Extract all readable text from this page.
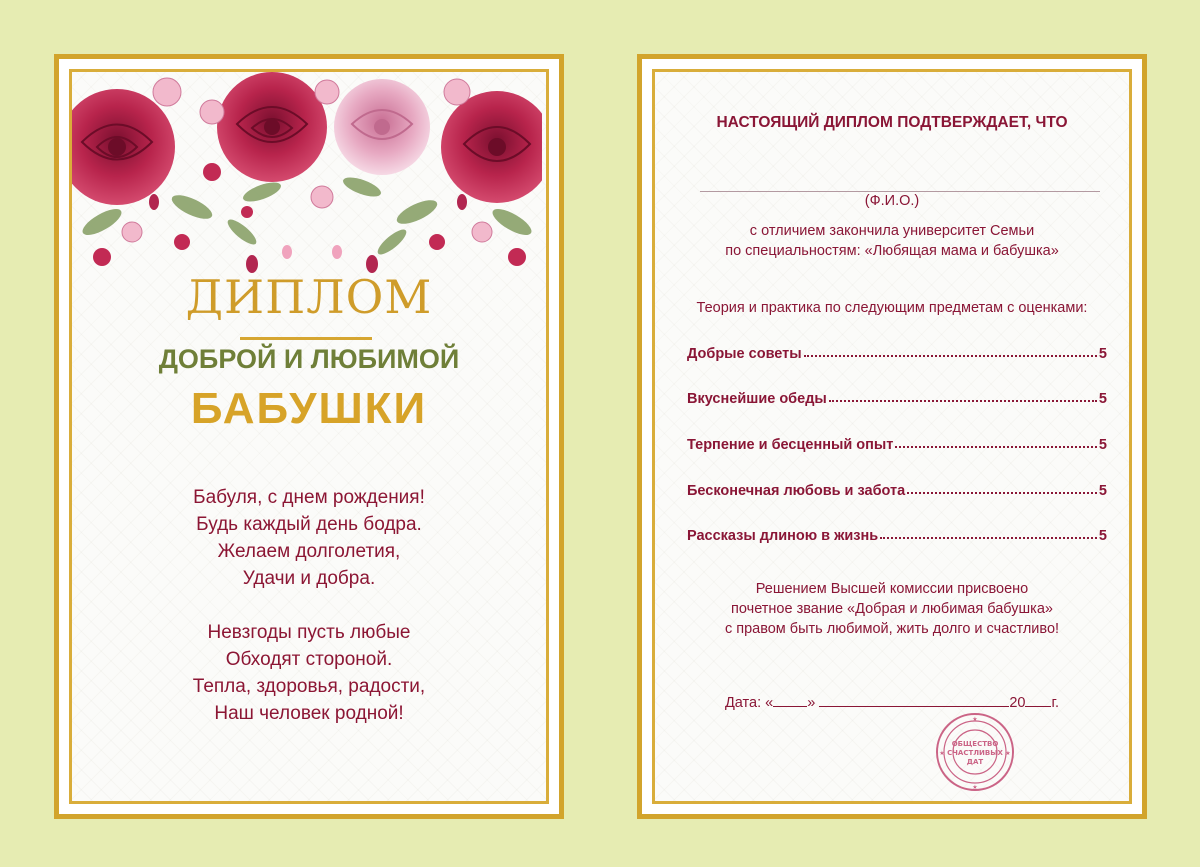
ДИПЛОМ
ДОБРОЙ И ЛЮБИМОЙ
БАБУШКИ
Бабуля, с днем рождения!
Будь каждый день бодра.
Желаем долголетия,
Удачи и добра.
Невзгоды пусть любые
Обходят стороной.
Тепла, здоровья, радости,
Наш человек родной!
НАСТОЯЩИЙ ДИПЛОМ ПОДТВЕРЖДАЕТ, ЧТО
(Ф.И.О.)
с отличием закончила университет Семьи
по специальностям: «Любящая мама и бабушка»
Теория и практика по следующим предметам с оценками:
Добрые советы	5
Вкуснейшие обеды	5
Терпение и бесценный опыт	5
Бесконечная любовь и забота	5
Рассказы длиною в жизнь	5
Решением Высшей комиссии присвоено
почетное звание «Добрая и любимая бабушка»
с правом быть любимой, жить долго и счастливо!
Дата: « »	20 г.
ОБЩЕСТВО
СЧАСТЛИВЫХ
ДАТ
★
★
★	★
